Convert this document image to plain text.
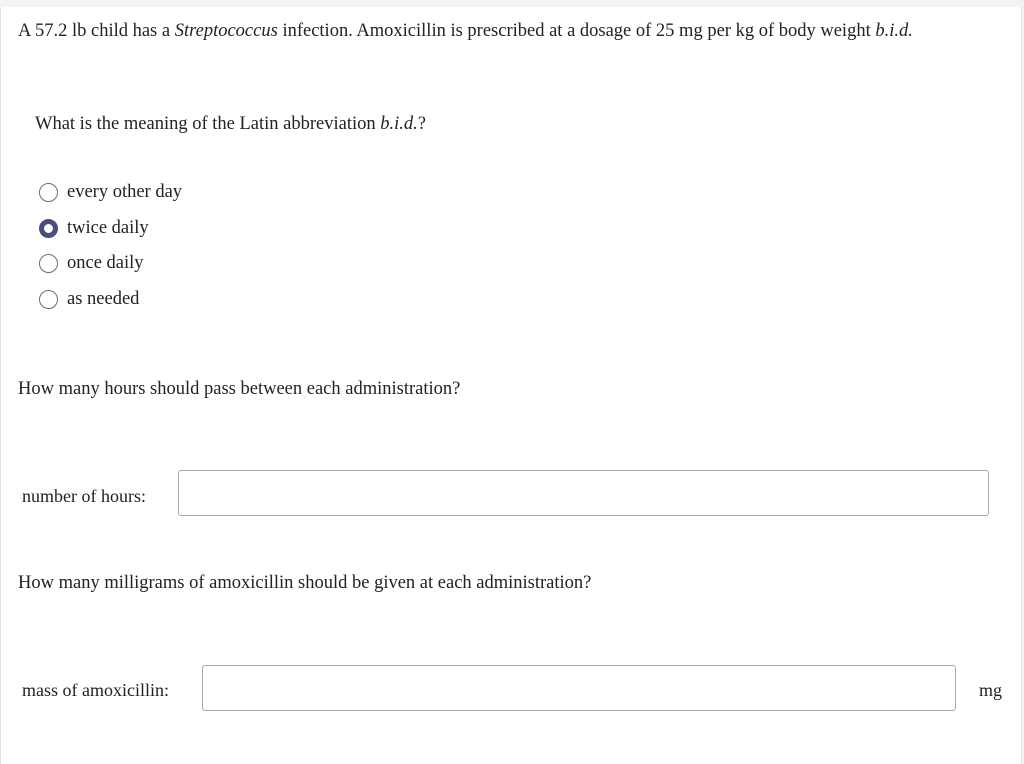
A 57.2 lb child has a Streptococcus infection. Amoxicillin is prescribed at a dosage of 25 mg per kg of body weight b.i.d.
What is the meaning of the Latin abbreviation b.i.d.?
every other day
twice daily
once daily
as needed
How many hours should pass between each administration?
number of hours:
How many milligrams of amoxicillin should be given at each administration?
mass of amoxicillin:	mg
